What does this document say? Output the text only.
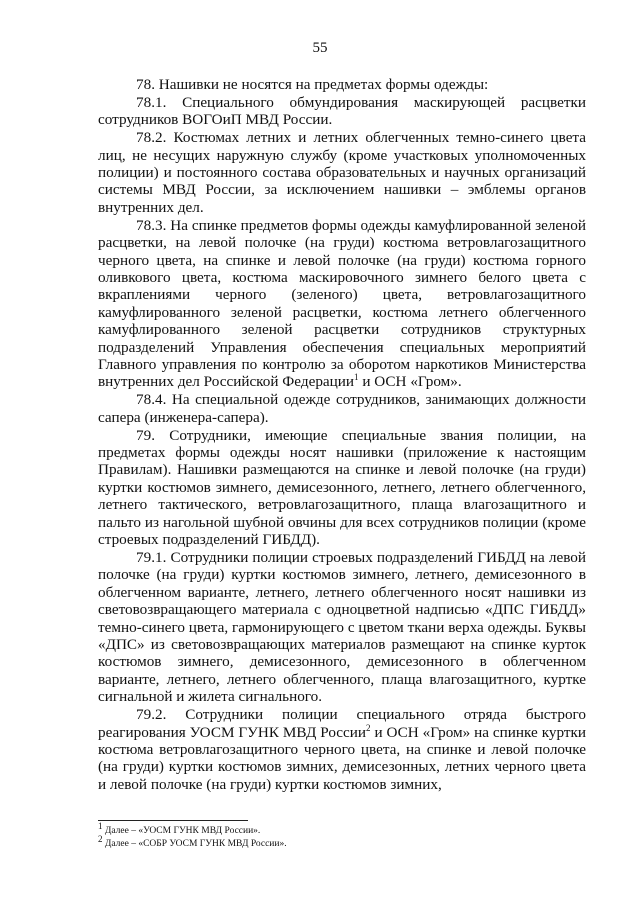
55

78. Нашивки не носятся на предметах формы одежды:

78.1. Специального обмундирования маскирующей расцветки сотрудников ВОГОиП МВД России.

78.2. Костюмах летних и летних облегченных темно-синего цвета лиц, не несущих наружную службу (кроме участковых уполномоченных полиции) и постоянного состава образовательных и научных организаций системы МВД России, за исключением нашивки – эмблемы органов внутренних дел.

78.3. На спинке предметов формы одежды камуфлированной зеленой расцветки, на левой полочке (на груди) костюма ветровлагозащитного черного цвета, на спинке и левой полочке (на груди) костюма горного оливкового цвета, костюма маскировочного зимнего белого цвета с вкраплениями черного (зеленого) цвета, ветровлагозащитного камуфлированного зеленой расцветки, костюма летнего облегченного камуфлированного зеленой расцветки сотрудников структурных подразделений Управления обеспечения специальных мероприятий Главного управления по контролю за оборотом наркотиков Министерства внутренних дел Российской Федерации$^1$ и ОСН «Гром».

78.4. На специальной одежде сотрудников, занимающих должности сапера (инженера-сапера).

79. Сотрудники, имеющие специальные звания полиции, на предметах формы одежды носят нашивки (приложение к настоящим Правилам). Нашивки размещаются на спинке и левой полочке (на груди) куртки костюмов зимнего, демисезонного, летнего, летнего облегченного, летнего тактического, ветровлагозащитного, плаща влагозащитного и пальто из нагольной шубной овчины для всех сотрудников полиции (кроме строевых подразделений ГИБДД).

79.1. Сотрудники полиции строевых подразделений ГИБДД на левой полочке (на груди) куртки костюмов зимнего, летнего, демисезонного в облегченном варианте, летнего, летнего облегченного носят нашивки из световозвращающего материала с одноцветной надписью «ДПС ГИБДД» темно-синего цвета, гармонирующего с цветом ткани верха одежды. Буквы «ДПС» из световозвращающих материалов размещают на спинке курток костюмов зимнего, демисезонного, демисезонного в облегченном варианте, летнего, летнего облегченного, плаща влагозащитного, куртке сигнальной и жилета сигнального.

79.2. Сотрудники полиции специального отряда быстрого реагирования УОСМ ГУНК МВД России$^2$ и ОСН «Гром» на спинке куртки костюма ветровлагозащитного черного цвета, на спинке и левой полочке (на груди) куртки костюмов зимних, демисезонных, летних черного цвета и левой полочке (на груди) куртки костюмов зимних,

$^1$ Далее – «УОСМ ГУНК МВД России».

$^2$ Далее – «СОБР УОСМ ГУНК МВД России».
